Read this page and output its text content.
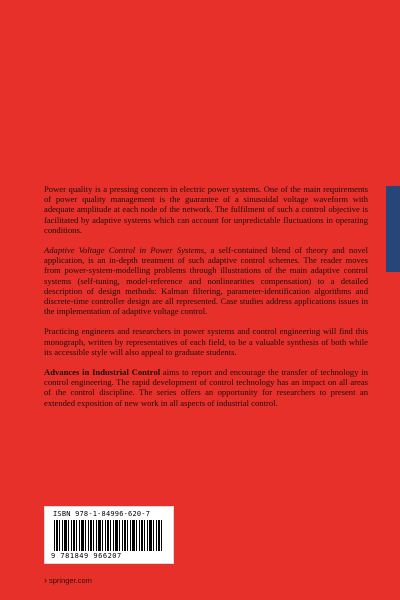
Power quality is a pressing concern in electric power systems. One of the main requirements of power quality management is the guarantee of a sinusoidal voltage waveform with adequate amplitude at each node of the network. The fulfilment of such a control objective is facilitated by adaptive systems which can account for unpredictable fluctuations in operating conditions.

Adaptive Voltage Control in Power Systems, a self-contained blend of theory and novel application, is an in-depth treatment of such adaptive control schemes. The reader moves from power-system-modelling problems through illustrations of the main adaptive control systems (self-tuning, model-reference and nonlinearities compensation) to a detailed description of design methods: Kalman filtering, parameter-identification algorithms and discrete-time controller design are all represented. Case studies address applications issues in the implementation of adaptive voltage control.

Practicing engineers and researchers in power systems and control engineering will find this monograph, written by representatives of each field, to be a valuable synthesis of both while its accessible style will also appeal to graduate students.

Advances in Industrial Control aims to report and encourage the transfer of technology in control engineering. The rapid development of control technology has an impact on all areas of the control discipline. The series offers an opportunity for researchers to present an extended exposition of new work in all aspects of industrial control.

ISBN 978-1-84996-620-7
9 781849 966207
› springer.com
